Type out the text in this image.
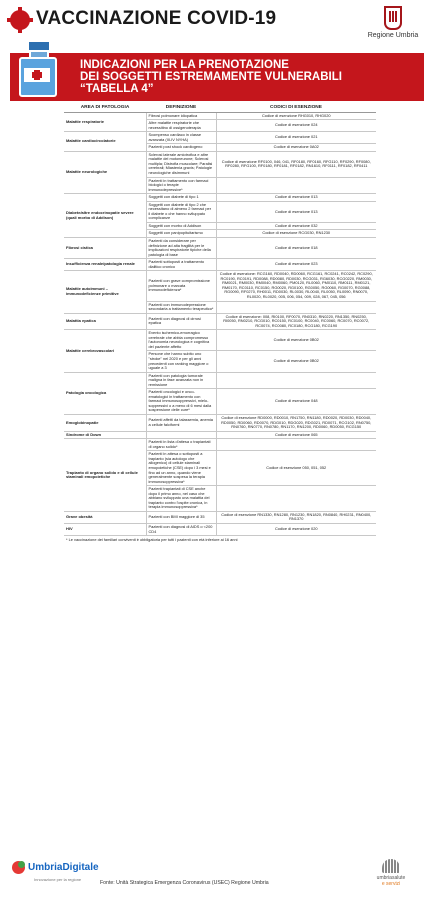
VACCINAZIONE COVID-19
Regione Umbria
INDICAZIONI PER LA PRENOTAZIONE
DEI SOGGETTI ESTREMAMENTE VULNERABILI
“TABELLA 4”
AREA DI PATOLOGIA	DEFINIZIONE	CODICI DI ESENZIONE
Malattie respiratorie	Fibrosi polmonare idiopatica	Codice di esenzione RHG010, RHG020
	Altre malattie respiratorie che necessitino di ossigenoterapia	Codice di esenzione 024
Malattie cardiocircolatorie	Scompenso cardiaco in classe avanzata (III-IV NYHA)	Codice di esenzione 021
	Pazienti post shock cardiogeno	Codice di esenzione 0A02
Malattie neurologiche	Sclerosi laterale amiotrofica e altre malattie del motoneurone; Sclerosi multipla; Distrofia muscolare; Paralisi cerebrali; Miastenia gravis; Patologie neurologiche disimmuni	Codice di esenzione RF0100, 046, 041, RF0180, RF0160, RFG110, RF0290, RF0080, RF0280, RFG100, RF0180, RF0181, RF0182, RN1610, RF0111, RF0182, RF0411
	Pazienti in trattamento con farmaci biologici o terapie immunodepressive*	
Diabete/altre endocrinopatie severe (quali morbo di Addison)	Soggetti con diabete di tipo 1	Codice di esenzione 013
	Soggetti con diabete di tipo 2 che necessitano di almeno 2 farmaci per il diabete o che hanno sviluppato complicanze	Codice di esenzione 013
	Soggetti con morbo di Addison	Codice di esenzione 032
	Soggetti con panipopituitarismo	Codice di esenzione RCG030, RN1230
Fibrosi cistica	Pazienti da considerare per definizione ad alta fragilità per le implicazioni respiratorie tipiche della patologia di base	Codice di esenzione 018
Insufficienza renale/patologia renale	Pazienti sottoposti a trattamento dialitico cronico	Codice di esenzione 023
Malattie autoimmuni – immunodeficienze primitive	Pazienti con grave compromissione polmonare o marcata immunodeficienza*	Codice di esenzione: RCG160, RD0040, RD0060, RCG161, RC0241, RC0242, RC0290, RC0190, RC0191, RD0088, RD0080, RD0030, RCG031, RG6030, RCG0220, RM0030, RM0021, RM0030, RM0040, RM0060, PM0120, RL0060, PM0110, RM0111, RM0121, RM0170, RC0110, RC0150, RG0020, RG0100, RG0050, RG0060, RG0070, RG0088, RG0090, RF0270, RH0011, RD0030, RL0030, RL0040, RL0050, RL0090, RN0070, RL0020, RL0020, 005, 006, 054, 009, 028, 067, 045, 056
	Pazienti con immunodepressione secondaria a trattamento terapeutico*	
Malattia epatica	Pazienti con diagnosi di cirrosi epatica	Codice di esenzione: 008, RI0100, RF0070, RN0310, RN0220, RN1350, RN0250, RI0050, RN0210, RCG010, RC0150, RC0100, RC0040, RC0060, RC0070, RC0072, RC0074, RC0080, RC0180, RCG180, RCG190
Malattie cerebrovascolari	Evento ischemico-emorragico cerebrale che abbia compromesso l'autonomia neurologica e cognitiva del paziente affetto	Codice di esenzione 0B02
	Persone che hanno subito uno "stroke" nel 2020 e per gli anni precedenti con ranking maggiore o uguale a 3	Codice di esenzione 0B02
Patologia oncologica	Pazienti con patologia tumorale maligna in fase avanzata non in remissione	
	Pazienti oncologici e onco-ematologici in trattamento con farmaci immunosoppressivi, mielo-soppressivi o a meno di 6 mesi dalla sospensione delle cure*	Codice di esenzione 048
Emoglobinopatie	Pazienti affetti da talassemia, anemia a cellule falciformi	Codice di esenzione RD0000, RD0010, RN1750, RN1180, RD0020, RD0030, RD0040, RD0050, RD0060, RD0070, RDG010, RDG020, RDG021, RD0071, RCG102, RN0750, RN0760, RN0770, RN0780, RN1170, RN1200, RD0060, RD0050, RCG150
Sindrome di Down		Codice di esenzione 065
Trapianto di organo solido e di cellule staminali emopoietiche	Pazienti in lista d'attesa o trapiantati di organo solido*	
	Pazienti in attesa o sottoposti a trapianto (sia autologo che allogenico) di cellule staminali emopoietiche (CSE) dopo i 3 mesi e fino ad un anno, quando viene generalmente sospesa la terapia immunosoppressiva*	Codice di esenzione 050, 051, 052
	Pazienti trapiantati di CSE anche dopo il primo anno, nel caso che abbiano sviluppato una malattia del trapianto contro l'ospite cronica, in terapia immunosoppressiva*	
Grave obesità	Pazienti con BMI maggiore di 35	Codice di esenzione RN1330, RN1280, RN1230, RN1820, RN0840, RH0231, RN0400, RN1370
HIV	Pazienti con diagnosi di AIDS o <200 CD4	Codice di esenzione 020
* Le vaccinazione dei familiari conviventi è obbligatoria per tutti i pazienti con età inferiore ai 16 anni
UmbriaDigitale
Innovazione per la regione
Fonte: Unità Strategica Emergenza Coronavirus (USEC) Regione Umbria
umbriasalute
e servizi
